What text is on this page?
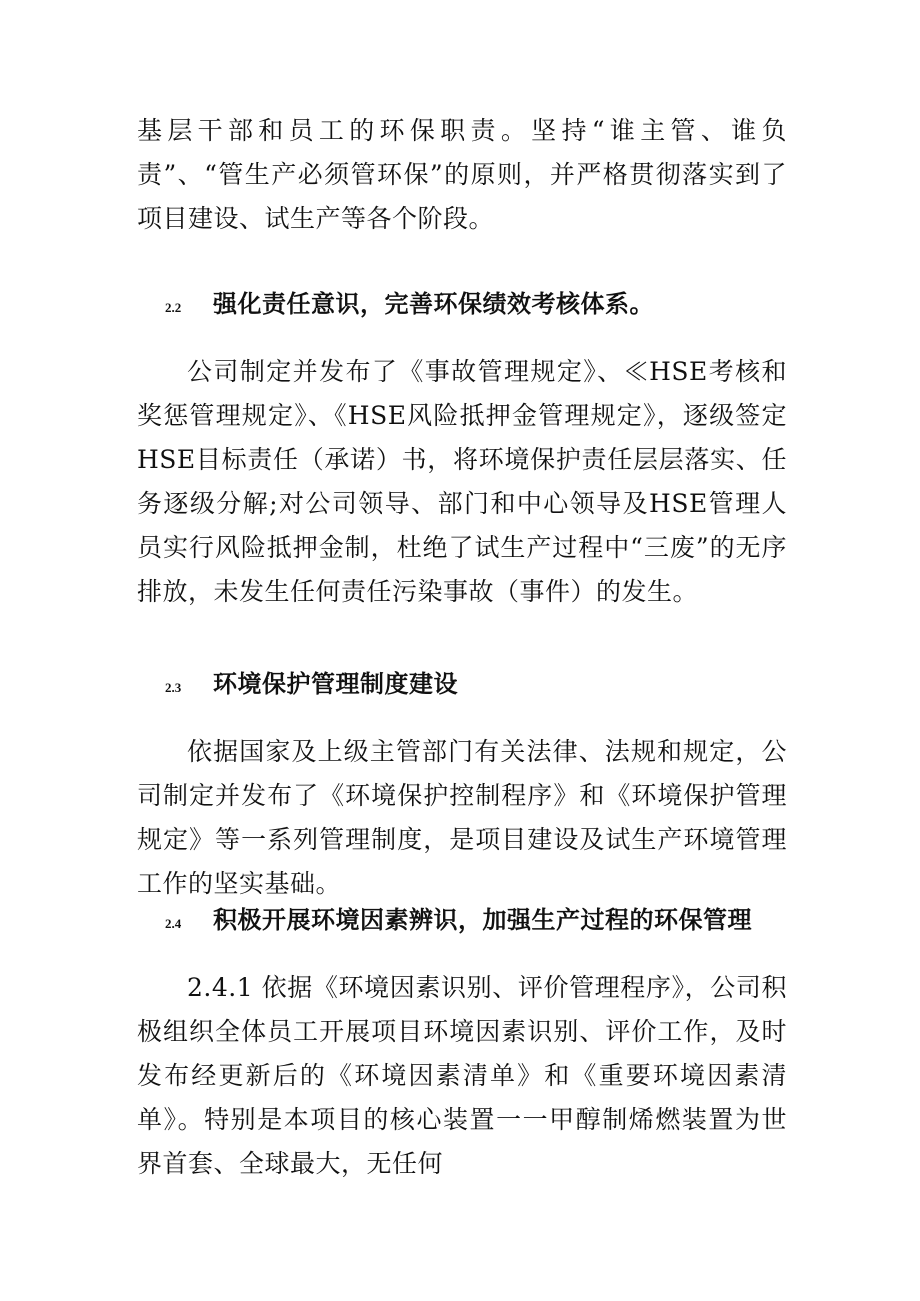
基层干部和员工的环保职责。坚持“谁主管、谁负责”、“管生产必须管环保”的原则，并严格贯彻落实到了项目建设、试生产等各个阶段。

2.2 强化责任意识，完善环保绩效考核体系。

公司制定并发布了《事故管理规定》、≪HSE考核和奖惩管理规定》、《HSE风险抵押金管理规定》，逐级签定HSE目标责任（承诺）书，将环境保护责任层层落实、任务逐级分解;对公司领导、部门和中心领导及HSE管理人员实行风险抵押金制，杜绝了试生产过程中“三废”的无序排放，未发生任何责任污染事故（事件）的发生。

2.3 环境保护管理制度建设

依据国家及上级主管部门有关法律、法规和规定，公司制定并发布了《环境保护控制程序》和《环境保护管理规定》等一系列管理制度，是项目建设及试生产环境管理工作的坚实基础。

2.4 积极开展环境因素辨识，加强生产过程的环保管理

2.4.1 依据《环境因素识别、评价管理程序》，公司积极组织全体员工开展项目环境因素识别、评价工作，及时发布经更新后的《环境因素清单》和《重要环境因素清单》。特别是本项目的核心装置一一甲醇制烯燃装置为世界首套、全球最大，无任何
